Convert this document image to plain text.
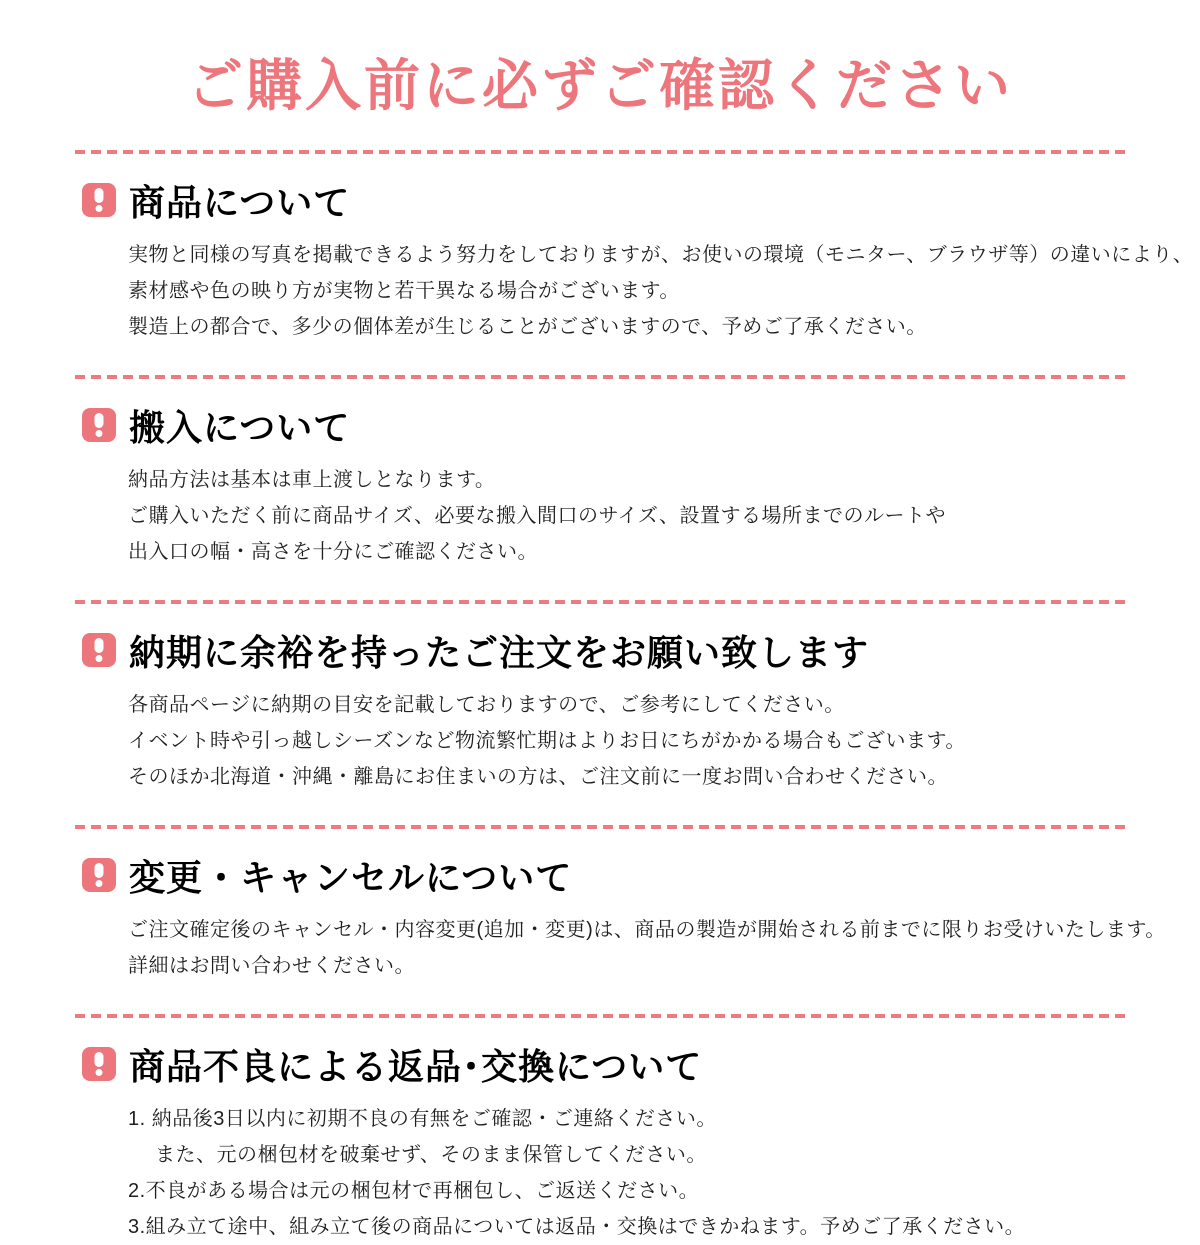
ご購入前に必ずご確認ください
商品について
実物と同様の写真を掲載できるよう努力をしておりますが、お使いの環境（モニター、ブラウザ等）の違いにより、
素材感や色の映り方が実物と若干異なる場合がございます。
製造上の都合で、多少の個体差が生じることがございますので、予めご了承ください。
搬入について
納品方法は基本は車上渡しとなります。
ご購入いただく前に商品サイズ、必要な搬入間口のサイズ、設置する場所までのルートや
出入口の幅・高さを十分にご確認ください。
納期に余裕を持ったご注文をお願い致します
各商品ページに納期の目安を記載しておりますので、ご参考にしてください。
イベント時や引っ越しシーズンなど物流繁忙期はよりお日にちがかかる場合もございます。
そのほか北海道・沖縄・離島にお住まいの方は、ご注文前に一度お問い合わせください。
変更・キャンセルについて
ご注文確定後のキャンセル・内容変更(追加・変更)は、商品の製造が開始される前までに限りお受けいたします。
詳細はお問い合わせください。
商品不良による返品･交換について
1. 納品後3日以内に初期不良の有無をご確認・ご連絡ください。
また、元の梱包材を破棄せず、そのまま保管してください。
2.不良がある場合は元の梱包材で再梱包し、ご返送ください。
3.組み立て途中、組み立て後の商品については返品・交換はできかねます。予めご了承ください。
